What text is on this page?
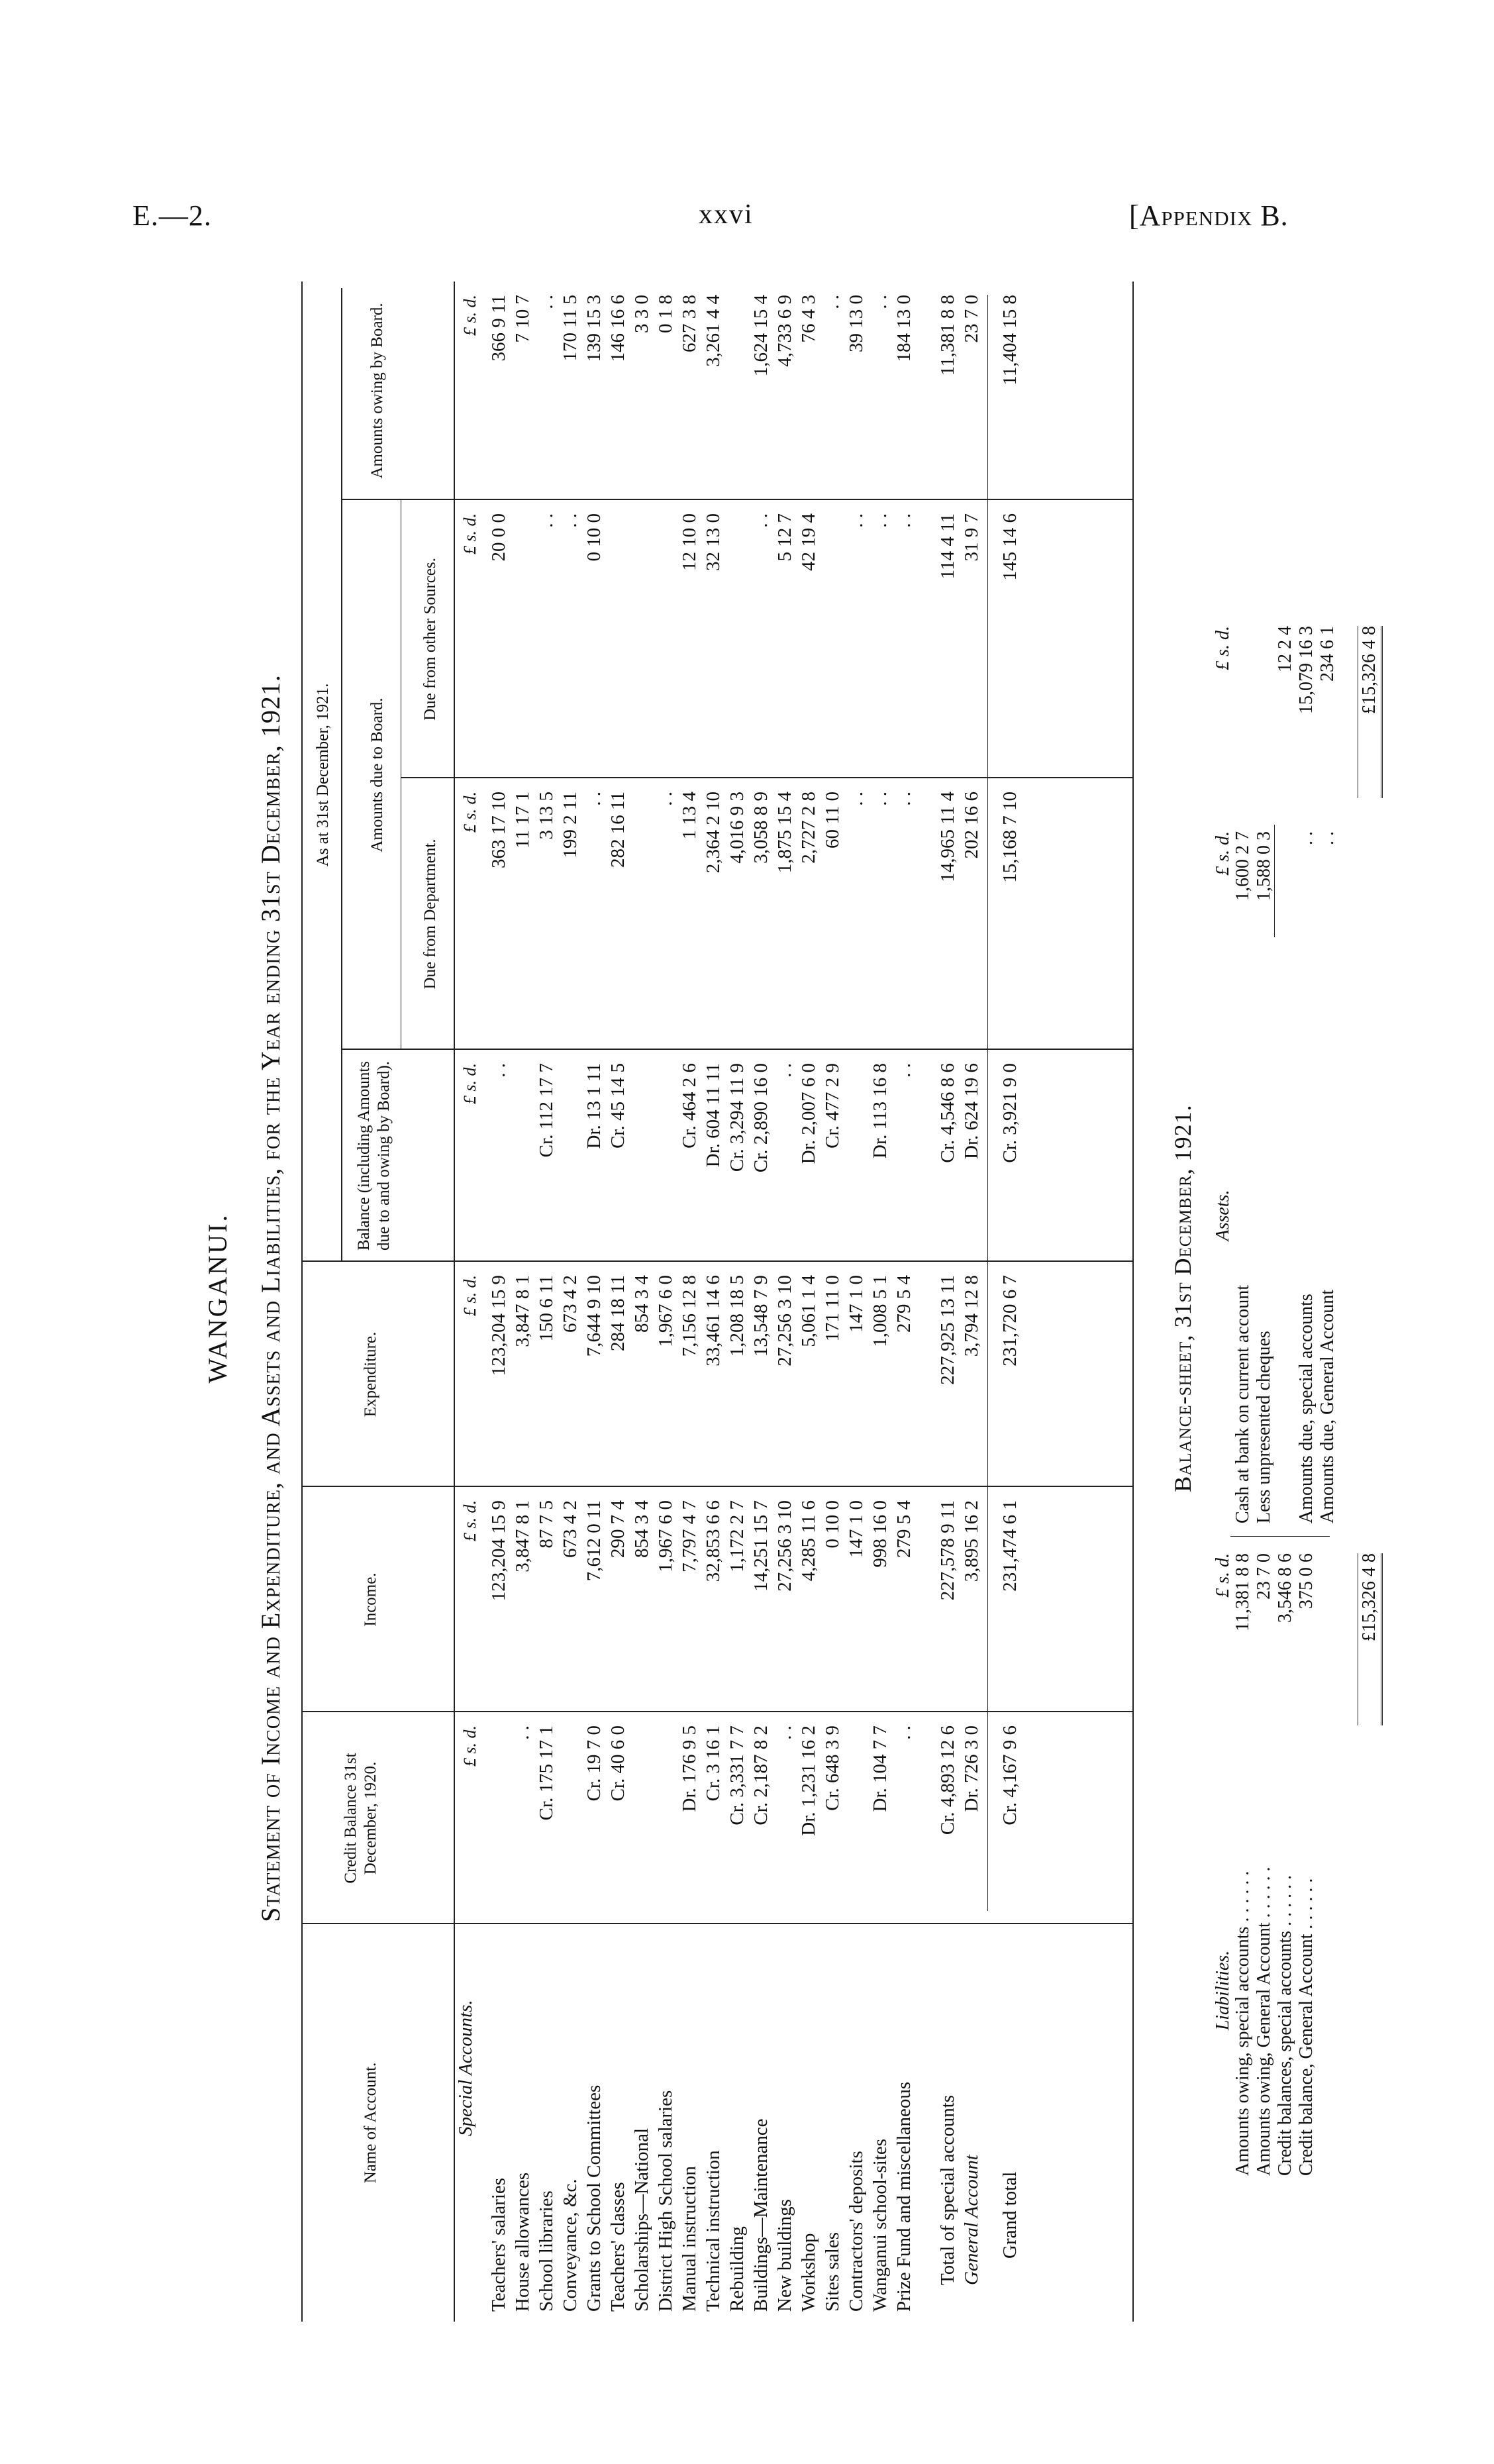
E.—2.	xxvi	[Appendix B.
WANGANUI. Statement of Income and Expenditure, and Assets and Liabilities, for the Year ending 31st December, 1921.
Name of Account.
Credit Balance 31st December, 1920.
Income.
Expenditure.
As at 31st December, 1921.
Balance (including Amounts due to and owing by Board).
Amounts due to Board.
Due from Department.
Due from other Sources.
Amounts owing by Board.
£ s. d.
£ s. d.
£ s. d.
£ s. d.
£ s. d.
£ s. d.
£ s. d.
Special Accounts.
Teachers' salaries
123,204 15 9
123,204 15 9
. .
363 17 10
20 0 0
366 9 11
House allowances
. .
3,847 8 1
3,847 8 1
11 17 1
7 10 7
School libraries
Cr. 175 17 1
87 7 5
150 6 11
Cr. 112 17 7
3 13 5
. .
. .
Conveyance, &c.
673 4 2
673 4 2
199 2 11
. .
170 11 5
Grants to School Committees
Cr. 19 7 0
7,612 0 11
7,644 9 10
Dr. 13 1 11
. .
0 10 0
139 15 3
Teachers' classes
Cr. 40 6 0
290 7 4
284 18 11
Cr. 45 14 5
282 16 11
146 16 6
Scholarships—National
854 3 4
854 3 4
3 3 0
District High School salaries
1,967 6 0
1,967 6 0
. .
0 1 8
Manual instruction
Dr. 176 9 5
7,797 4 7
7,156 12 8
Cr. 464 2 6
1 13 4
12 10 0
627 3 8
Technical instruction
Cr. 3 16 1
32,853 6 6
33,461 14 6
Dr. 604 11 11
2,364 2 10
32 13 0
3,261 4 4
Rebuilding
Cr. 3,331 7 7
1,172 2 7
1,208 18 5
Cr. 3,294 11 9
4,016 9 3
Buildings—Maintenance
Cr. 2,187 8 2
14,251 15 7
13,548 7 9
Cr. 2,890 16 0
3,058 8 9
. .
1,624 15 4
New buildings
. .
27,256 3 10
27,256 3 10
. .
1,875 15 4
5 12 7
4,733 6 9
Workshop
Dr. 1,231 16 2
4,285 11 6
5,061 1 4
Dr. 2,007 6 0
2,727 2 8
42 19 4
76 4 3
Sites sales
Cr. 648 3 9
0 10 0
171 11 0
Cr. 477 2 9
60 11 0
. .
Contractors' deposits
147 1 0
147 1 0
. .
. .
39 13 0
Wanganui school-sites
Dr. 104 7 7
998 16 0
1,008 5 1
Dr. 113 16 8
. .
. .
. .
Prize Fund and miscellaneous
. .
279 5 4
279 5 4
. .
. .
. .
184 13 0
Total of special accounts
Cr. 4,893 12 6
227,578 9 11
227,925 13 11
Cr. 4,546 8 6
14,965 11 4
114 4 11
11,381 8 8
General Account
Dr. 726 3 0
3,895 16 2
3,794 12 8
Dr. 624 19 6
202 16 6
31 9 7
23 7 0
Grand total
Cr. 4,167 9 6
231,474 6 1
231,720 6 7
Cr. 3,921 9 0
15,168 7 10
145 14 6
11,404 15 8
Balance-sheet, 31st December, 1921.
Liabilities.
Assets.
£ s. d.
£ s. d.
£ s. d.
Amounts owing, special accounts . . . . . .
11,381 8 8
Amounts owing, General Account . . . . . .
23 7 0
Credit balances, special accounts . . . . . .
3,546 8 6
Credit balance, General Account . . . . . .
375 0 6
Cash at bank on current account
1,600 2 7
Less unpresented cheques
1,588 0 3
12 2 4
Amounts due, special accounts
. .
15,079 16 3
Amounts due, General Account
. .
234 6 1
£15,326 4 8
£15,326 4 8
